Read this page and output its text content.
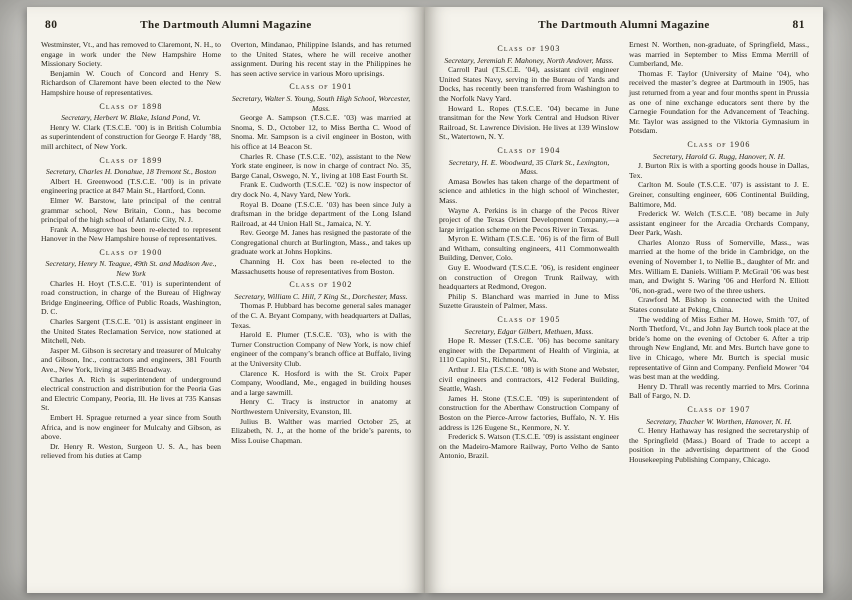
80	The Dartmouth Alumni Magazine

Westminster, Vt., and has removed to Claremont, N. H., to engage in work under the New Hampshire Home Missionary Society.

Benjamin W. Couch of Concord and Henry S. Richardson of Claremont have been elected to the New Hampshire house of representatives.

Class of 1898

Secretary, Herbert W. Blake, Island Pond, Vt.

Henry W. Clark (T.S.C.E. ’00) is in British Columbia as superintendent of construction for George F. Hardy ’88, mill architect, of New York.

Class of 1899

Secretary, Charles H. Donahue, 18 Tremont St., Boston

Albert H. Greenwood (T.S.C.E. ’00) is in private engineering practice at 847 Main St., Hartford, Conn.

Elmer W. Barstow, late principal of the central grammar school, New Britain, Conn., has become principal of the high school of Atlantic City, N. J.

Frank A. Musgrove has been re-elected to represent Hanover in the New Hampshire house of representatives.

Class of 1900

Secretary, Henry N. Teague, 49th St. and Madison Ave., New York

Charles H. Hoyt (T.S.C.E. ’01) is superintendent of road construction, in charge of the Bureau of Highway Bridge Engineering, Office of Public Roads, Washington, D. C.

Charles Sargent (T.S.C.E. ’01) is assistant engineer in the United States Reclamation Service, now stationed at Mitchell, Neb.

Jasper M. Gibson is secretary and treasurer of Mulcahy and Gibson, Inc., contractors and engineers, 381 Fourth Ave., New York, living at 3485 Broadway.

Charles A. Rich is superintendent of underground electrical construction and distribution for the Peoria Gas and Electric Company, Peoria, Ill. He lives at 735 Kansas St.

Embert H. Sprague returned a year since from South Africa, and is now engineer for Mulcahy and Gibson, as above.

Dr. Henry R. Weston, Surgeon U. S. A., has been relieved from his duties at Camp

Overton, Mindanao, Philippine Islands, and has returned to the United States, where he will receive another assignment. During his recent stay in the Philippines he has seen active service in various Moro uprisings.

Class of 1901

Secretary, Walter S. Young, South High School, Worcester, Mass.

George A. Sampson (T.S.C.E. ’03) was married at Snoma, S. D., October 12, to Miss Bertha C. Wood of Snoma. Mr. Sampson is a civil engineer in Boston, with his office at 14 Beacon St.

Charles R. Chase (T.S.C.E. ’02), assistant to the New York state engineer, is now in charge of contract No. 35, Barge Canal, Oswego, N. Y., living at 108 East Fourth St.

Frank E. Cudworth (T.S.C.E. ’02) is now inspector of dry dock No. 4, Navy Yard, New York.

Royal B. Doane (T.S.C.E. ’03) has been since July a draftsman in the bridge department of the Long Island Railroad, at 44 Union Hall St., Jamaica, N. Y.

Rev. George M. Janes has resigned the pastorate of the Congregational church at Burlington, Mass., and takes up graduate work at Johns Hopkins.

Channing H. Cox has been re-elected to the Massachusetts house of representatives from Boston.

Class of 1902

Secretary, William C. Hill, 7 King St., Dorchester, Mass.

Thomas P. Hubbard has become general sales manager of the C. A. Bryant Company, with headquarters at Dallas, Texas.

Harold E. Plumer (T.S.C.E. ’03), who is with the Turner Construction Company of New York, is now chief engineer of the company’s branch office at Buffalo, living at the University Club.

Clarence K. Hosford is with the St. Croix Paper Company, Woodland, Me., engaged in building houses and a large sawmill.

Henry C. Tracy is instructor in anatomy at Northwestern University, Evanston, Ill.

Julius B. Walther was married October 25, at Elizabeth, N. J., at the home of the bride’s parents, to Miss Louise Chapman.

The Dartmouth Alumni Magazine	81

Class of 1903

Secretary, Jeremiah F. Mahoney, North Andover, Mass.

Carroll Paul (T.S.C.E. ’04), assistant civil engineer United States Navy, serving in the Bureau of Yards and Docks, has recently been transferred from Washington to the Norfolk Navy Yard.

Howard L. Ropes (T.S.C.E. ’04) became in June transitman for the New York Central and Hudson River Railroad, St. Lawrence Division. He lives at 139 Winslow St., Watertown, N. Y.

Class of 1904

Secretary, H. E. Woodward, 35 Clark St., Lexington, Mass.

Amasa Bowles has taken charge of the department of science and athletics in the high school of Winchester, Mass.

Wayne A. Perkins is in charge of the Pecos River project of the Texas Orient Development Company,—a large irrigation scheme on the Pecos River in Texas.

Myron E. Witham (T.S.C.E. ’06) is of the firm of Bull and Witham, consulting engineers, 411 Commonwealth Building, Denver, Colo.

Guy E. Woodward (T.S.C.E. ’06), is resident engineer on construction of Oregon Trunk Railway, with headquarters at Redmond, Oregon.

Philip S. Blanchard was married in June to Miss Suzette Graustein of Palmer, Mass.

Class of 1905

Secretary, Edgar Gilbert, Methuen, Mass.

Hope R. Messer (T.S.C.E. ’06) has become sanitary engineer with the Department of Health of Virginia, at 1110 Capitol St., Richmond, Va.

Arthur J. Ela (T.S.C.E. ’08) is with Stone and Webster, civil engineers and contractors, 412 Federal Building, Seattle, Wash.

James H. Stone (T.S.C.E. ’09) is superintendent of construction for the Aberthaw Construction Company of Boston on the Pierce-Arrow factories, Buffalo, N. Y. His address is 126 Eugene St., Kenmore, N. Y.

Frederick S. Watson (T.S.C.E. ’09) is assistant engineer on the Madeiro-Mamore Railway, Porto Velho de Santo Antonio, Brazil.

Ernest N. Worthen, non-graduate, of Springfield, Mass., was married in September to Miss Emma Merrill of Cumberland, Me.

Thomas F. Taylor (University of Maine ’04), who received the master’s degree at Dartmouth in 1905, has just returned from a year and four months spent in Prussia as one of nine exchange educators sent there by the Carnegie Foundation for the Advancement of Teaching. Mr. Taylor was assigned to the Viktoria Gymnasium in Potsdam.

Class of 1906

Secretary, Harold G. Rugg, Hanover, N. H.

J. Burton Rix is with a sporting goods house in Dallas, Tex.

Carlton M. Soule (T.S.C.E. ’07) is assistant to J. E. Greiner, consulting engineer, 606 Continental Building, Baltimore, Md.

Frederick W. Welch (T.S.C.E. ’08) became in July assistant engineer for the Arcadia Orchards Company, Deer Park, Wash.

Charles Alonzo Russ of Somerville, Mass., was married at the home of the bride in Cambridge, on the evening of November 1, to Nellie B., daughter of Mr. and Mrs. William E. Daniels. William P. McGrail ’06 was best man, and Dwight S. Waring ’06 and Herford N. Elliott ’06, non-grad., were two of the three ushers.

Crawford M. Bishop is connected with the United States consulate at Peking, China.

The wedding of Miss Esther M. Howe, Smith ’07, of North Thetford, Vt., and John Jay Burtch took place at the bride’s home on the evening of October 6. After a trip through New England, Mr. and Mrs. Burtch have gone to live in Chicago, where Mr. Burtch is special music representative of Ginn and Company. Penfield Mower ’04 was best man at the wedding.

Henry D. Thrall was recently married to Mrs. Corinna Ball of Fargo, N. D.

Class of 1907

Secretary, Thacher W. Worthen, Hanover, N. H.

C. Henry Hathaway has resigned the secretaryship of the Springfield (Mass.) Board of Trade to accept a position in the advertising department of the Good Housekeeping Publishing Company, Chicago.
